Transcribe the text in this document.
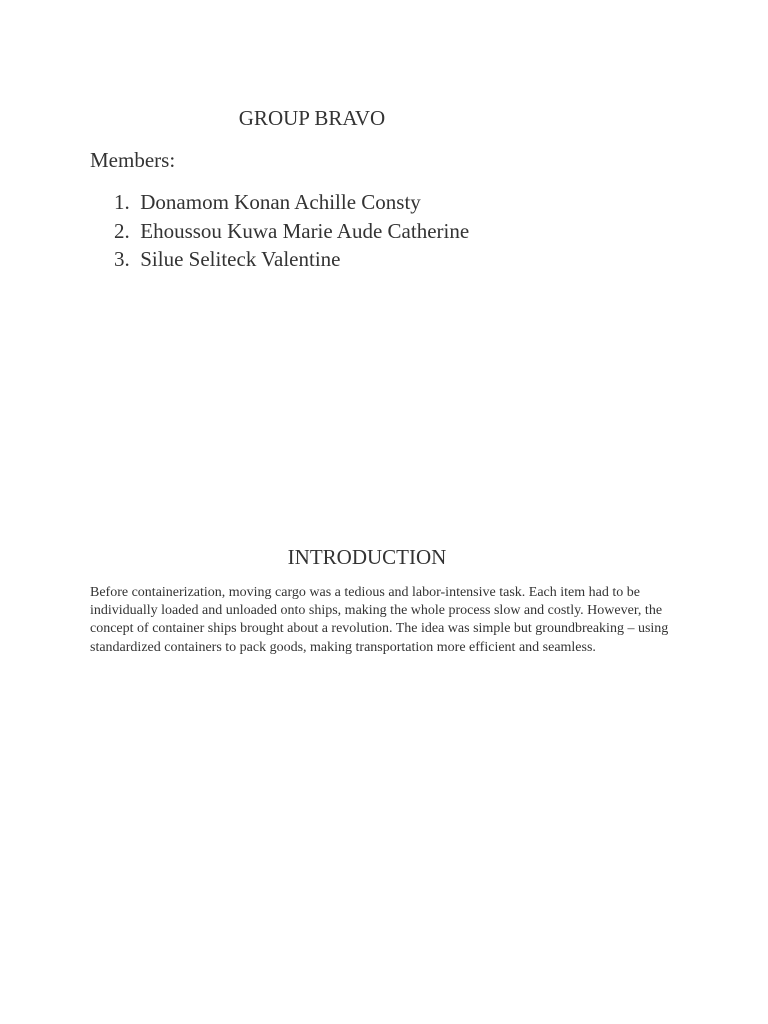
GROUP BRAVO

Members:

1. Donamom Konan Achille Consty
2. Ehoussou Kuwa Marie Aude Catherine
3. Silue Seliteck Valentine
INTRODUCTION

Before containerization, moving cargo was a tedious and labor-intensive task. Each item had to be individually loaded and unloaded onto ships, making the whole process slow and costly. However, the concept of container ships brought about a revolution. The idea was simple but groundbreaking – using standardized containers to pack goods, making transportation more efficient and seamless.
